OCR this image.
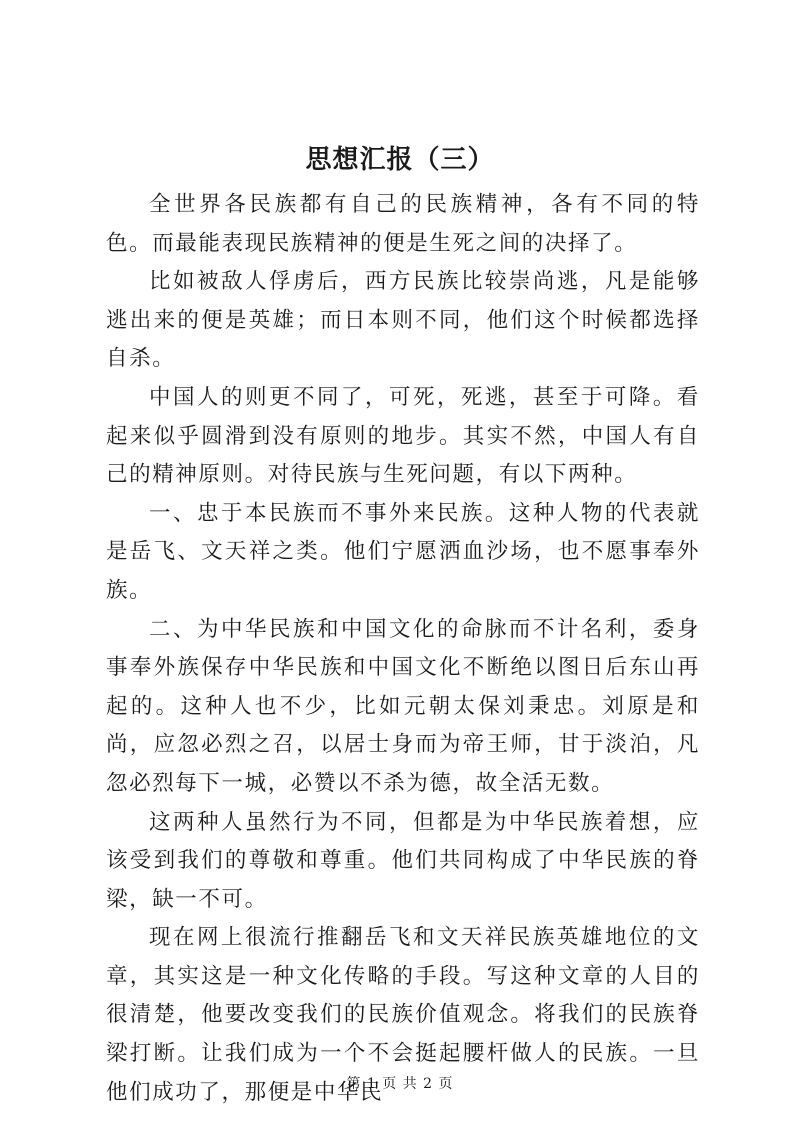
思想汇报（三）

全世界各民族都有自己的民族精神，各有不同的特色。而最能表现民族精神的便是生死之间的决择了。

比如被敌人俘虏后，西方民族比较崇尚逃，凡是能够逃出来的便是英雄；而日本则不同，他们这个时候都选择自杀。

中国人的则更不同了，可死，死逃，甚至于可降。看起来似乎圆滑到没有原则的地步。其实不然，中国人有自己的精神原则。对待民族与生死问题，有以下两种。

一、忠于本民族而不事外来民族。这种人物的代表就是岳飞、文天祥之类。他们宁愿洒血沙场，也不愿事奉外族。

二、为中华民族和中国文化的命脉而不计名利，委身事奉外族保存中华民族和中国文化不断绝以图日后东山再起的。这种人也不少，比如元朝太保刘秉忠。刘原是和尚，应忽必烈之召，以居士身而为帝王师，甘于淡泊，凡忽必烈每下一城，必赞以不杀为德，故全活无数。

这两种人虽然行为不同，但都是为中华民族着想，应该受到我们的尊敬和尊重。他们共同构成了中华民族的脊梁，缺一不可。

现在网上很流行推翻岳飞和文天祥民族英雄地位的文章，其实这是一种文化传略的手段。写这种文章的人目的很清楚，他要改变我们的民族价值观念。将我们的民族脊梁打断。让我们成为一个不会挺起腰杆做人的民族。一旦他们成功了，那便是中华民

第 1 页 共 2 页
